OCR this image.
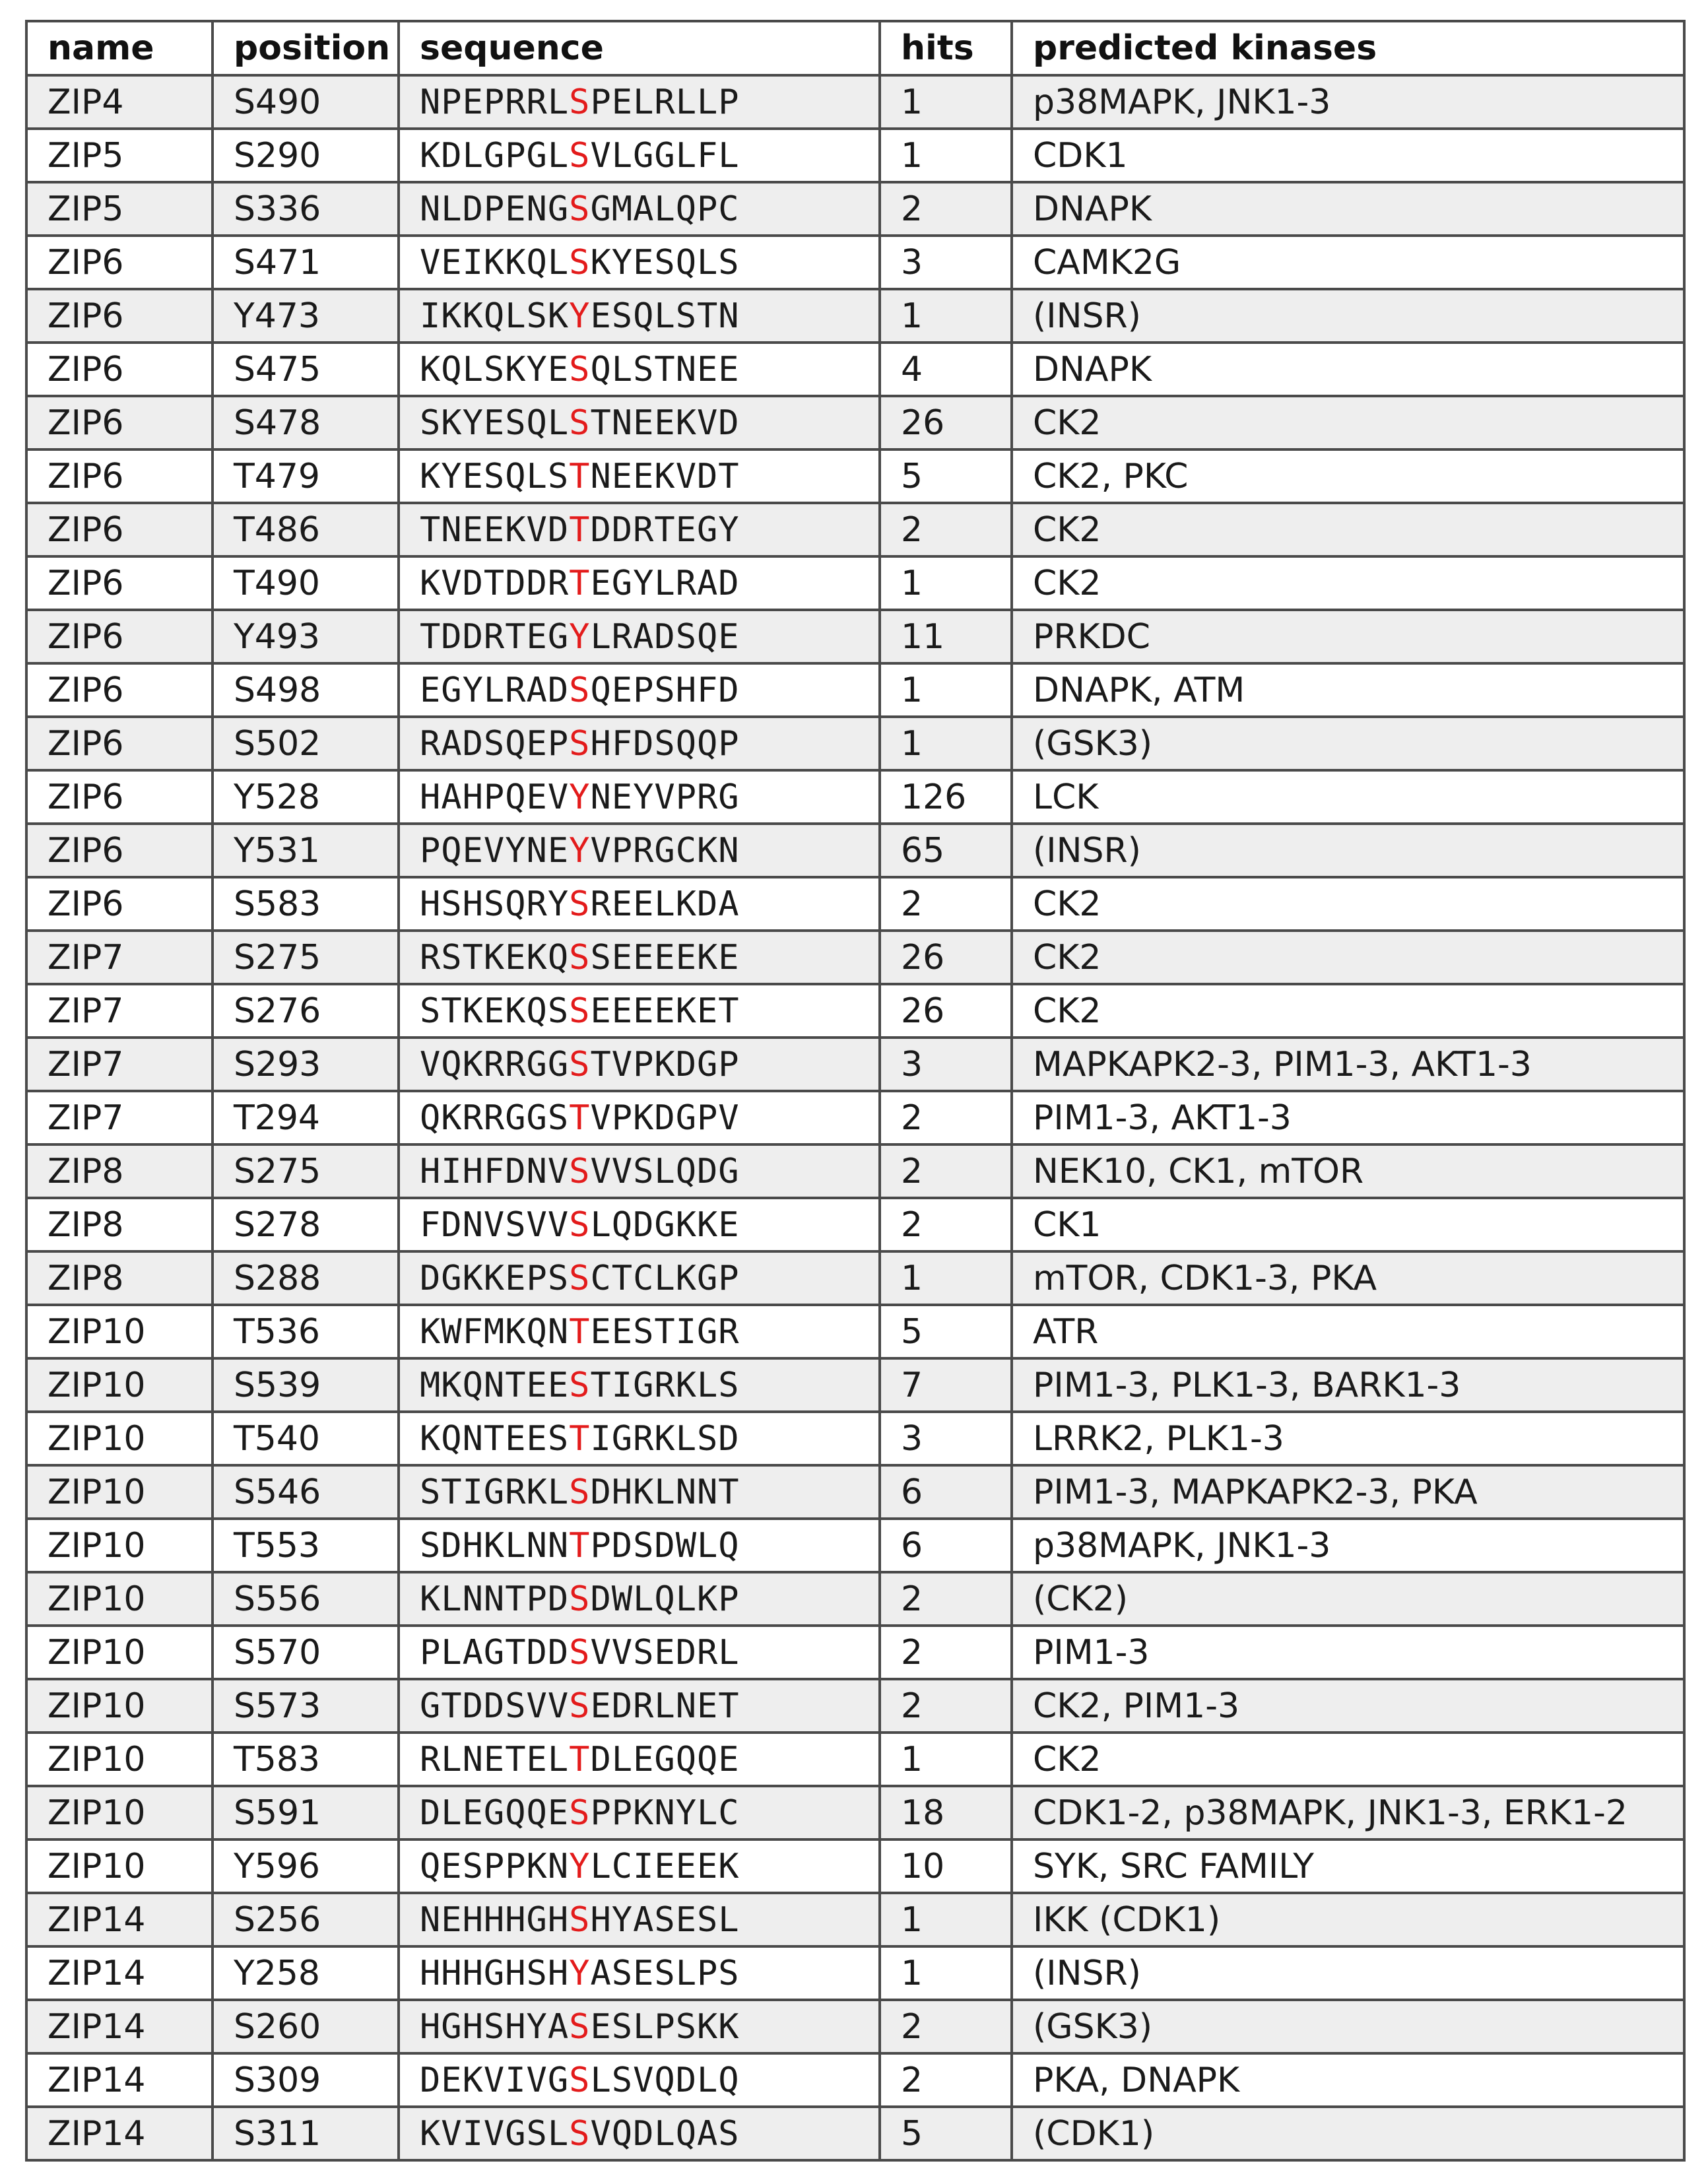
name	position	sequence	hits	predicted kinases
ZIP4	S490	NPEPRRLSPELRLLP	1	p38MAPK, JNK1-3
ZIP5	S290	KDLGPGLSVLGGLFL	1	CDK1
ZIP5	S336	NLDPENGSGMALQPC	2	DNAPK
ZIP6	S471	VEIKKQLSKYESQLS	3	CAMK2G
ZIP6	Y473	IKKQLSKYESQLSTN	1	(INSR)
ZIP6	S475	KQLSKYESQLSTNEE	4	DNAPK
ZIP6	S478	SKYESQLSTNEEKVD	26	CK2
ZIP6	T479	KYESQLSTNEEKVDT	5	CK2, PKC
ZIP6	T486	TNEEKVDTDDRTEGY	2	CK2
ZIP6	T490	KVDTDDRTEGYLRAD	1	CK2
ZIP6	Y493	TDDRTEGYLRADSQE	11	PRKDC
ZIP6	S498	EGYLRADSQEPSHFD	1	DNAPK, ATM
ZIP6	S502	RADSQEPSHFDSQQP	1	(GSK3)
ZIP6	Y528	HAHPQEVYNEYVPRG	126	LCK
ZIP6	Y531	PQEVYNEYVPRGCKN	65	(INSR)
ZIP6	S583	HSHSQRYSREELKDA	2	CK2
ZIP7	S275	RSTKEKQSSEEEEKE	26	CK2
ZIP7	S276	STKEKQSSEEEEKET	26	CK2
ZIP7	S293	VQKRRGGSTVPKDGP	3	MAPKAPK2-3, PIM1-3, AKT1-3
ZIP7	T294	QKRRGGSTVPKDGPV	2	PIM1-3, AKT1-3
ZIP8	S275	HIHFDNVSVVSLQDG	2	NEK10, CK1, mTOR
ZIP8	S278	FDNVSVVSLQDGKKE	2	CK1
ZIP8	S288	DGKKEPSSCTCLKGP	1	mTOR, CDK1-3, PKA
ZIP10	T536	KWFMKQNTEESTIGR	5	ATR
ZIP10	S539	MKQNTEESTIGRKLS	7	PIM1-3, PLK1-3, BARK1-3
ZIP10	T540	KQNTEESTIGRKLSD	3	LRRK2, PLK1-3
ZIP10	S546	STIGRKLSDHKLNNT	6	PIM1-3, MAPKAPK2-3, PKA
ZIP10	T553	SDHKLNNTPDSDWLQ	6	p38MAPK, JNK1-3
ZIP10	S556	KLNNTPDSDWLQLKP	2	(CK2)
ZIP10	S570	PLAGTDDSVVSEDRL	2	PIM1-3
ZIP10	S573	GTDDSVVSEDRLNET	2	CK2, PIM1-3
ZIP10	T583	RLNETELTDLEGQQE	1	CK2
ZIP10	S591	DLEGQQESPPKNYLC	18	CDK1-2, p38MAPK, JNK1-3, ERK1-2
ZIP10	Y596	QESPPKNYLCIEEEK	10	SYK, SRC FAMILY
ZIP14	S256	NEHHHGHSHYASESL	1	IKK (CDK1)
ZIP14	Y258	HHHGHSHYASESLPS	1	(INSR)
ZIP14	S260	HGHSHYASESLPSKK	2	(GSK3)
ZIP14	S309	DEKVIVGSLSVQDLQ	2	PKA, DNAPK
ZIP14	S311	KVIVGSLSVQDLQAS	5	(CDK1)
